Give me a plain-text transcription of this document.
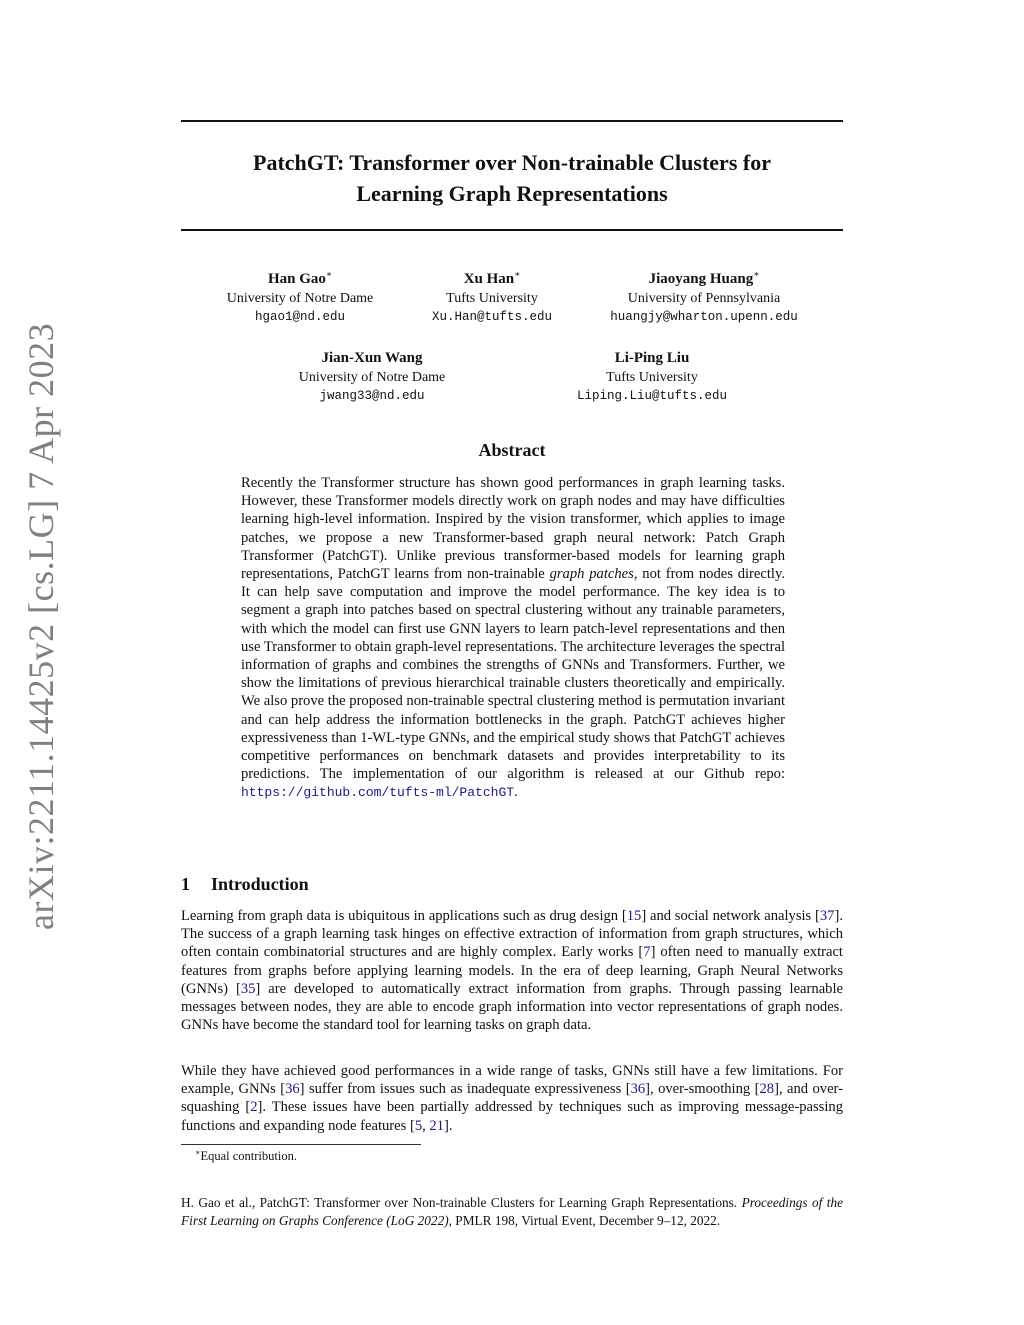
arXiv:2211.14425v2 [cs.LG] 7 Apr 2023
PatchGT: Transformer over Non-trainable Clusters for
Learning Graph Representations
Han Gao∗
University of Notre Dame
hgao1@nd.edu
Xu Han∗
Tufts University
Xu.Han@tufts.edu
Jiaoyang Huang∗
University of Pennsylvania
huangjy@wharton.upenn.edu
Jian-Xun Wang
University of Notre Dame
jwang33@nd.edu
Li-Ping Liu
Tufts University
Liping.Liu@tufts.edu
Abstract
Recently the Transformer structure has shown good performances in graph learning tasks. However, these Transformer models directly work on graph nodes and may have difficulties learning high-level information. Inspired by the vision transformer, which applies to image patches, we propose a new Transformer-based graph neural network: Patch Graph Transformer (PatchGT). Unlike previous transformer-based models for learning graph representations, PatchGT learns from non-trainable graph patches, not from nodes directly. It can help save computation and improve the model performance. The key idea is to segment a graph into patches based on spectral clustering without any trainable parameters, with which the model can first use GNN layers to learn patch-level representations and then use Transformer to obtain graph-level representations. The architecture leverages the spectral information of graphs and combines the strengths of GNNs and Transformers. Further, we show the limitations of previous hierarchical trainable clusters theoretically and empirically. We also prove the proposed non-trainable spectral clustering method is permutation invariant and can help address the information bottlenecks in the graph. PatchGT achieves higher expressiveness than 1-WL-type GNNs, and the empirical study shows that PatchGT achieves competitive performances on benchmark datasets and provides interpretability to its predictions. The implementation of our algorithm is released at our Github repo: https://github.com/tufts-ml/PatchGT.
1 Introduction

Learning from graph data is ubiquitous in applications such as drug design [15] and social network analysis [37]. The success of a graph learning task hinges on effective extraction of information from graph structures, which often contain combinatorial structures and are highly complex. Early works [7] often need to manually extract features from graphs before applying learning models. In the era of deep learning, Graph Neural Networks (GNNs) [35] are developed to automatically extract information from graphs. Through passing learnable messages between nodes, they are able to encode graph information into vector representations of graph nodes. GNNs have become the standard tool for learning tasks on graph data.

While they have achieved good performances in a wide range of tasks, GNNs still have a few limitations. For example, GNNs [36] suffer from issues such as inadequate expressiveness [36], over-smoothing [28], and over-squashing [2]. These issues have been partially addressed by techniques such as improving message-passing functions and expanding node features [5, 21].

∗Equal contribution.
H. Gao et al., PatchGT: Transformer over Non-trainable Clusters for Learning Graph Representations. Proceedings of the First Learning on Graphs Conference (LoG 2022), PMLR 198, Virtual Event, December 9–12, 2022.
